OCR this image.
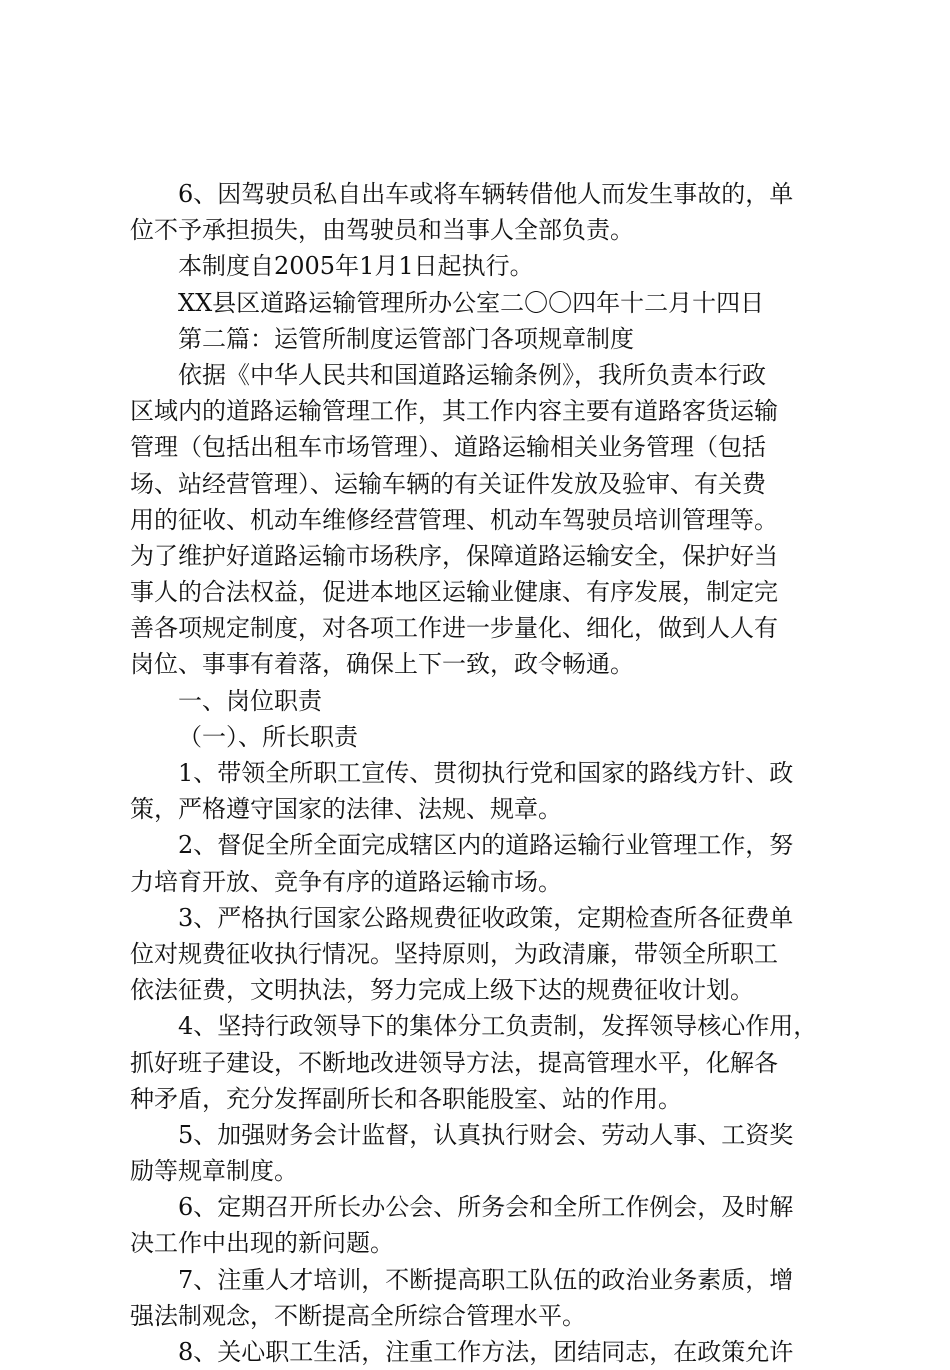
6、因驾驶员私自出车或将车辆转借他人而发生事故的，单
位不予承担损失，由驾驶员和当事人全部负责。
本制度自2005年1月1日起执行。
XX县区道路运输管理所办公室二〇〇四年十二月十四日
第二篇：运管所制度运管部门各项规章制度
依据《中华人民共和国道路运输条例》，我所负责本行政
区域内的道路运输管理工作，其工作内容主要有道路客货运输
管理（包括出租车市场管理）、道路运输相关业务管理（包括
场、站经营管理）、运输车辆的有关证件发放及验审、有关费
用的征收、机动车维修经营管理、机动车驾驶员培训管理等。
为了维护好道路运输市场秩序，保障道路运输安全，保护好当
事人的合法权益，促进本地区运输业健康、有序发展，制定完
善各项规定制度，对各项工作进一步量化、细化，做到人人有
岗位、事事有着落，确保上下一致，政令畅通。
一、岗位职责
（一）、所长职责
1、带领全所职工宣传、贯彻执行党和国家的路线方针、政
策，严格遵守国家的法律、法规、规章。
2、督促全所全面完成辖区内的道路运输行业管理工作，努
力培育开放、竞争有序的道路运输市场。
3、严格执行国家公路规费征收政策，定期检查所各征费单
位对规费征收执行情况。坚持原则，为政清廉，带领全所职工
依法征费，文明执法，努力完成上级下达的规费征收计划。
4、坚持行政领导下的集体分工负责制，发挥领导核心作用，
抓好班子建设，不断地改进领导方法，提高管理水平，化解各
种矛盾，充分发挥副所长和各职能股室、站的作用。
5、加强财务会计监督，认真执行财会、劳动人事、工资奖
励等规章制度。
6、定期召开所长办公会、所务会和全所工作例会，及时解
决工作中出现的新问题。
7、注重人才培训，不断提高职工队伍的政治业务素质，增
强法制观念，不断提高全所综合管理水平。
8、关心职工生活，注重工作方法，团结同志，在政策允许
